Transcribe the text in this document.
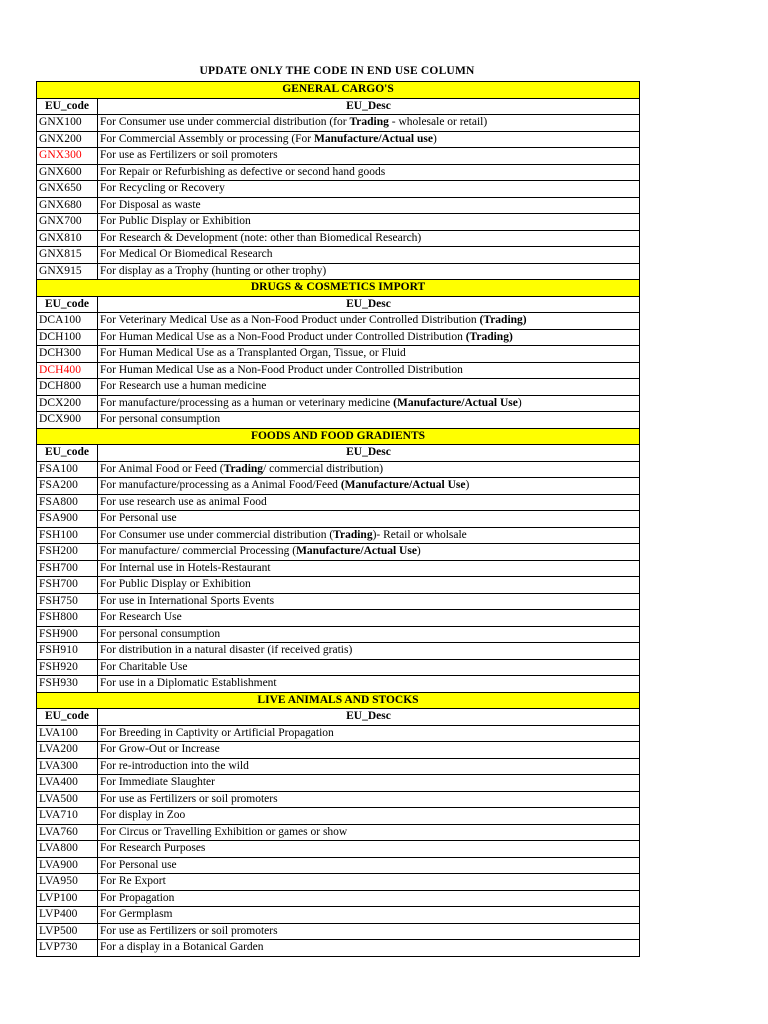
UPDATE ONLY THE CODE IN END USE COLUMN
GENERAL CARGO'S	
EU_code	EU_Desc
GNX100	For Consumer use under commercial distribution (for Trading - wholesale or retail)
GNX200	For Commercial Assembly or processing (For Manufacture/Actual use)
GNX300	For use as Fertilizers or soil promoters
GNX600	For Repair or Refurbishing as defective or second hand goods
GNX650	For Recycling or Recovery
GNX680	For Disposal as waste
GNX700	For Public Display or Exhibition
GNX810	For Research & Development (note: other than Biomedical Research)
GNX815	For Medical Or Biomedical Research
GNX915	For display as a Trophy (hunting or other trophy)
DRUGS & COSMETICS IMPORT	
EU_code	EU_Desc
DCA100	For Veterinary Medical Use as a Non-Food Product under Controlled Distribution (Trading)
DCH100	For Human Medical Use as a Non-Food Product under Controlled Distribution (Trading)
DCH300	For Human Medical Use as a Transplanted Organ, Tissue, or Fluid
DCH400	For Human Medical Use as a Non-Food Product under Controlled Distribution
DCH800	For Research use a human medicine
DCX200	For manufacture/processing as a human or veterinary medicine (Manufacture/Actual Use)
DCX900	For personal consumption
FOODS AND FOOD GRADIENTS	
EU_code	EU_Desc
FSA100	For Animal Food or Feed (Trading/ commercial distribution)
FSA200	For manufacture/processing as a Animal Food/Feed (Manufacture/Actual Use)
FSA800	For use research use as animal Food
FSA900	For Personal use
FSH100	For Consumer use under commercial distribution (Trading)- Retail or wholsale
FSH200	For manufacture/ commercial Processing (Manufacture/Actual Use)
FSH700	For Internal use in Hotels-Restaurant
FSH700	For Public Display or Exhibition
FSH750	For use in International Sports Events
FSH800	For Research Use
FSH900	For personal consumption
FSH910	For distribution in a natural disaster (if received gratis)
FSH920	For Charitable Use
FSH930	For use in a Diplomatic Establishment
LIVE ANIMALS AND STOCKS	
EU_code	EU_Desc
LVA100	For Breeding in Captivity or Artificial Propagation
LVA200	For Grow-Out or Increase
LVA300	For re-introduction into the wild
LVA400	For Immediate Slaughter
LVA500	For use as Fertilizers or soil promoters
LVA710	For display in Zoo
LVA760	For Circus or Travelling Exhibition or games or show
LVA800	For Research Purposes
LVA900	For Personal use
LVA950	For Re Export
LVP100	For Propagation
LVP400	For Germplasm
LVP500	For use as Fertilizers or soil promoters
LVP730	For a display in a Botanical Garden
